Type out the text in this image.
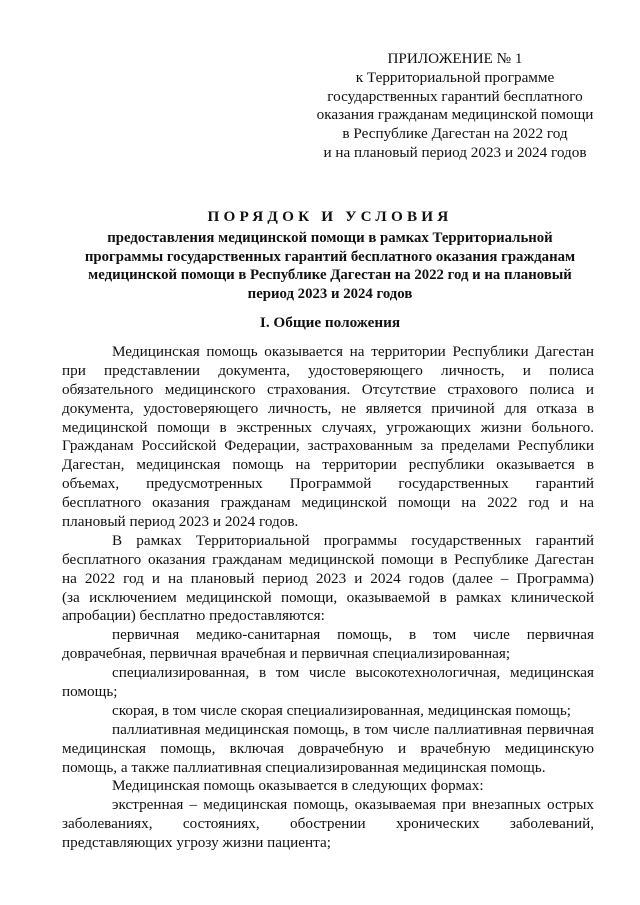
ПРИЛОЖЕНИЕ № 1
к Территориальной программе
государственных гарантий бесплатного
оказания гражданам медицинской помощи
в Республике Дагестан на 2022 год
и на плановый период 2023 и 2024 годов
ПОРЯДОК И УСЛОВИЯ
предоставления медицинской помощи в рамках Территориальной
программы государственных гарантий бесплатного оказания гражданам
медицинской помощи в Республике Дагестан на 2022 год и на плановый
период 2023 и 2024 годов
I. Общие положения
Медицинская помощь оказывается на территории Республики Дагестан
при представлении документа, удостоверяющего личность, и полиса
обязательного медицинского страхования. Отсутствие страхового полиса и
документа, удостоверяющего личность, не является причиной для отказа в
медицинской помощи в экстренных случаях, угрожающих жизни больного.
Гражданам Российской Федерации, застрахованным за пределами Республики
Дагестан, медицинская помощь на территории республики оказывается в
объемах, предусмотренных Программой государственных гарантий
бесплатного оказания гражданам медицинской помощи на 2022 год и на
плановый период 2023 и 2024 годов.
В рамках Территориальной программы государственных гарантий
бесплатного оказания гражданам медицинской помощи в Республике Дагестан
на 2022 год и на плановый период 2023 и 2024 годов (далее – Программа)
(за исключением медицинской помощи, оказываемой в рамках клинической
апробации) бесплатно предоставляются:
первичная медико-санитарная помощь, в том числе первичная
доврачебная, первичная врачебная и первичная специализированная;
специализированная, в том числе высокотехнологичная, медицинская
помощь;
скорая, в том числе скорая специализированная, медицинская помощь;
паллиативная медицинская помощь, в том числе паллиативная первичная
медицинская помощь, включая доврачебную и врачебную медицинскую
помощь, а также паллиативная специализированная медицинская помощь.
Медицинская помощь оказывается в следующих формах:
экстренная – медицинская помощь, оказываемая при внезапных острых
заболеваниях, состояниях, обострении хронических заболеваний,
представляющих угрозу жизни пациента;
